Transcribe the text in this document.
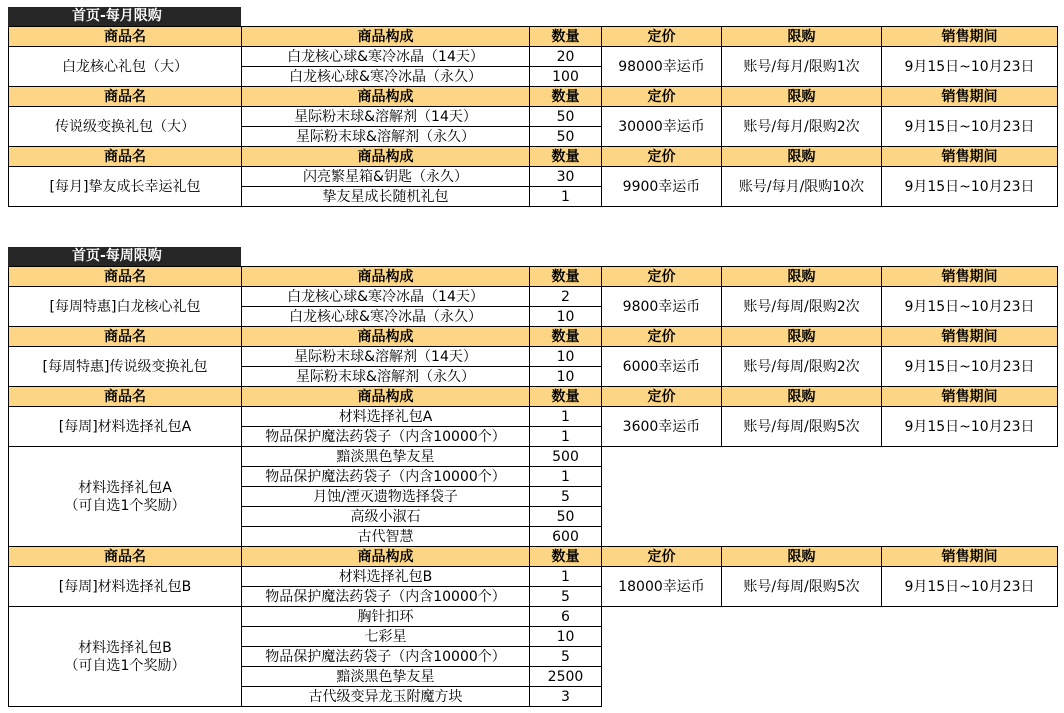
首页-每月限购
商品名	商品构成	数量	定价	限购	销售期间
白龙核心礼包（大）	白龙核心球&寒冷冰晶（14天）	20	98000幸运币	账号/每月/限购1次	9月15日~10月23日
	白龙核心球&寒冷冰晶（永久）	100			
商品名	商品构成	数量	定价	限购	销售期间
传说级变换礼包（大）	星际粉末球&溶解剂（14天）	50	30000幸运币	账号/每月/限购2次	9月15日~10月23日
	星际粉末球&溶解剂（永久）	50			
商品名	商品构成	数量	定价	限购	销售期间
[每月]挚友成长幸运礼包	闪亮繁星箱&钥匙（永久）	30	9900幸运币	账号/每月/限购10次	9月15日~10月23日
	挚友星成长随机礼包	1			
首页-每周限购
商品名	商品构成	数量	定价	限购	销售期间
[每周特惠]白龙核心礼包	白龙核心球&寒冷冰晶（14天）	2	9800幸运币	账号/每周/限购2次	9月15日~10月23日
	白龙核心球&寒冷冰晶（永久）	10			
商品名	商品构成	数量	定价	限购	销售期间
[每周特惠]传说级变换礼包	星际粉末球&溶解剂（14天）	10	6000幸运币	账号/每周/限购2次	9月15日~10月23日
	星际粉末球&溶解剂（永久）	10			
商品名	商品构成	数量	定价	限购	销售期间
[每周]材料选择礼包A	材料选择礼包A	1	3600幸运币	账号/每周/限购5次	9月15日~10月23日
	物品保护魔法药袋子（内含10000个）	1			

材料选择礼包A
（可自选1个奖励）	黯淡黑色挚友星	500			
	物品保护魔法药袋子（内含10000个）	1			
	月蚀/湮灭遗物选择袋子	5			
	高级小淑石	50			
	古代智慧	600			
商品名	商品构成	数量	定价	限购	销售期间
[每周]材料选择礼包B	材料选择礼包B	1	18000幸运币	账号/每周/限购5次	9月15日~10月23日
	物品保护魔法药袋子（内含10000个）	5			

材料选择礼包B
（可自选1个奖励）	胸针扣环	6			
	七彩星	10			
	物品保护魔法药袋子（内含10000个）	5			
	黯淡黑色挚友星	2500			
	古代级变异龙玉附魔方块	3			
